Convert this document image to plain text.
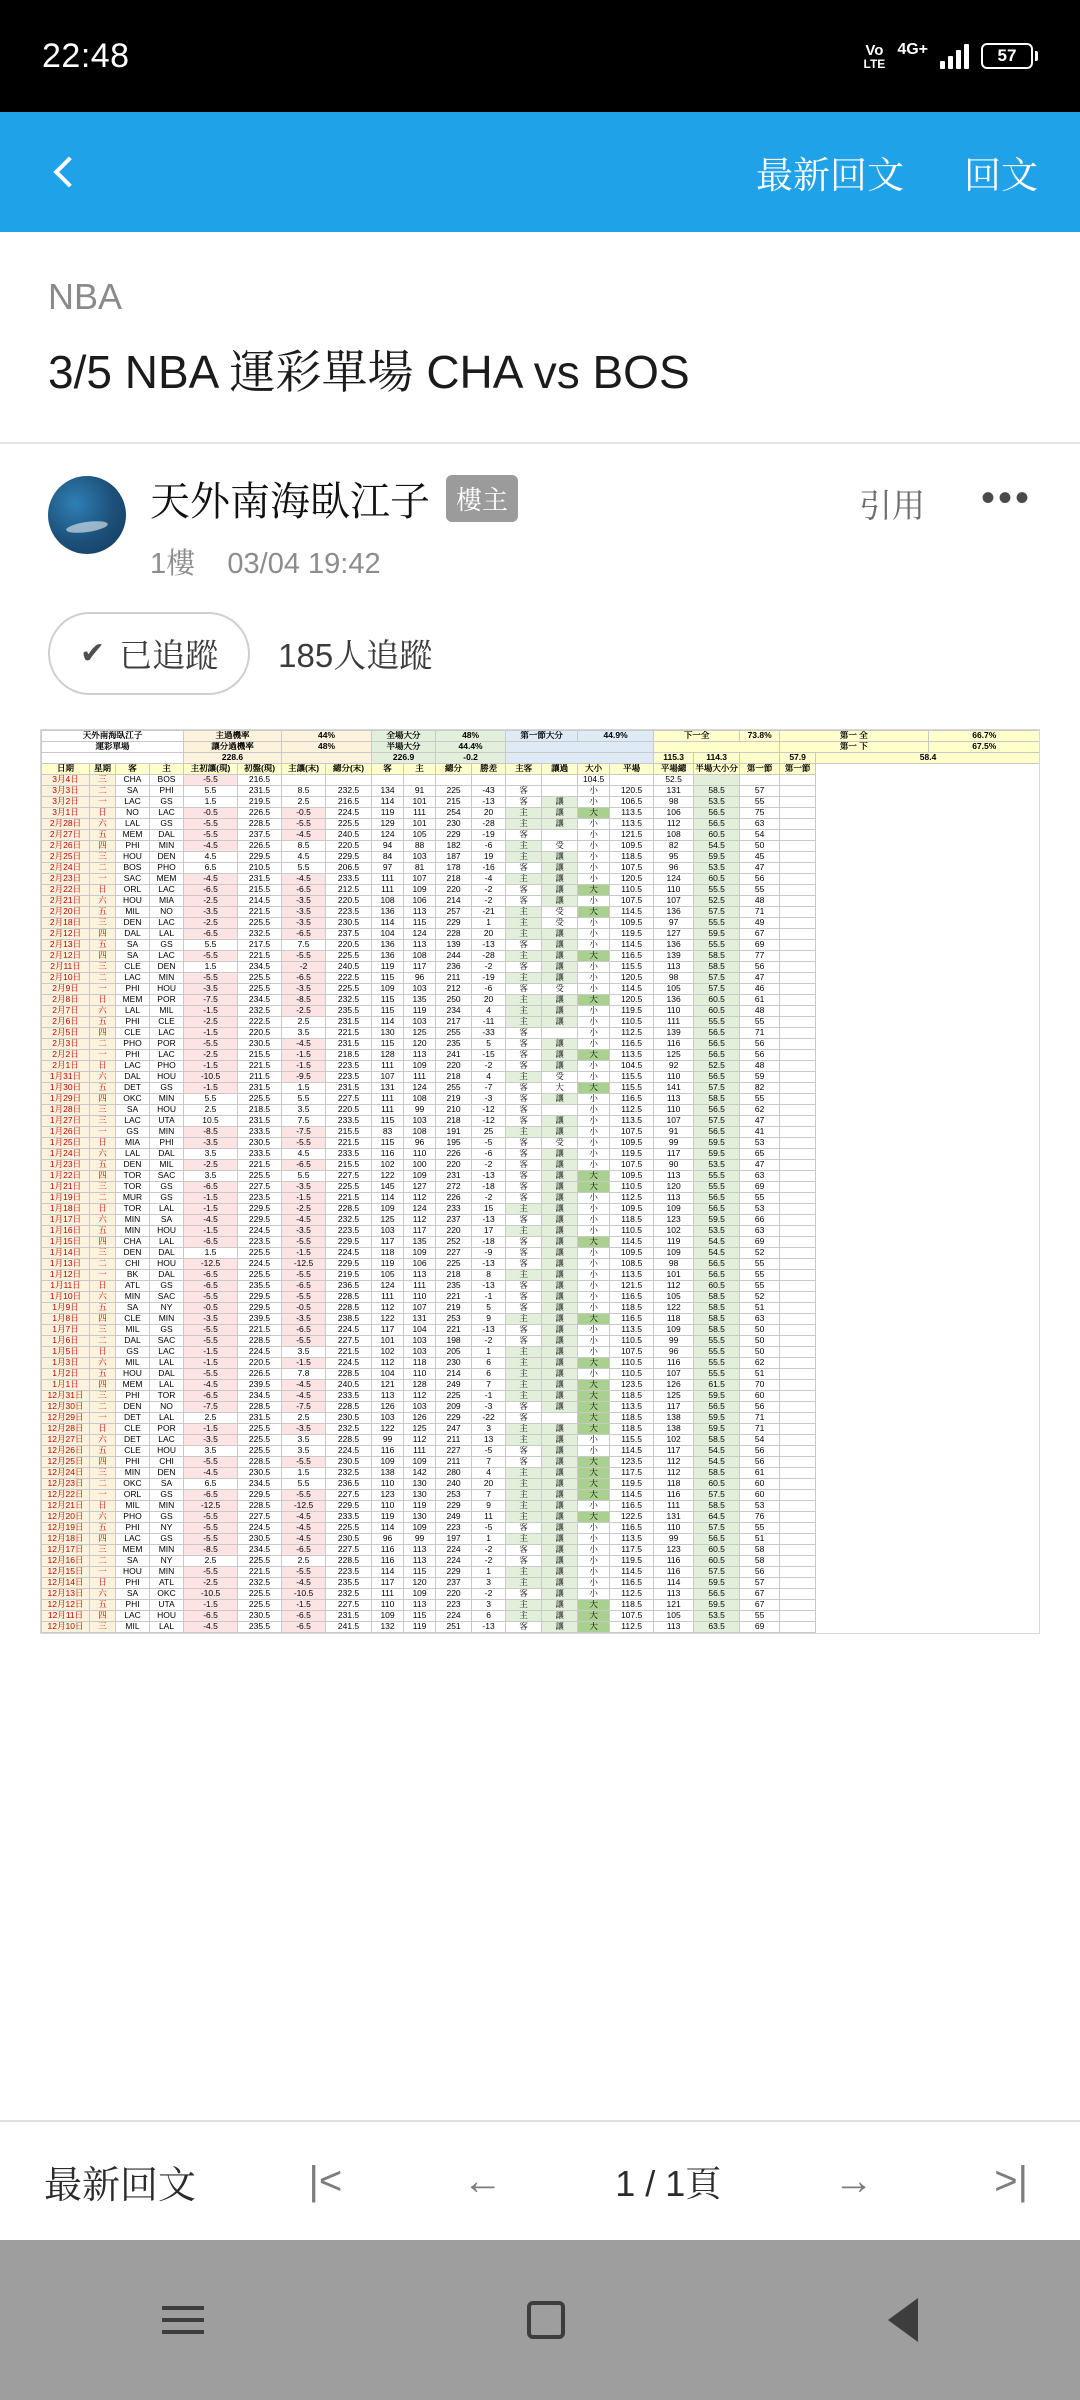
22:48	Vo
LTE
4G+	57
最新回文	回文
NBA
3/5 NBA 運彩單場 CHA vs BOS
天外南海臥江子	樓主
1樓 03/04 19:42
引用 •••
✔ 已追蹤 185人追蹤
天外南海臥江子				主過機率		44%		全場大分		48%		第一節大分		44.9%		下一全		73.8%	第一 全		66.7%
運彩單場				讓分過機率		48%		半場大分		44.4%									第一 下		67.5%
				228.6				226.9		-0.2						115.3	114.3		57.9	58.4	
日期	星期	客	主	主初讓(現)	初盤(現)	主讓(末)	總分(末)	客	主	總分	勝差	主客	讓過	大小	平場	平場總	半場大小分	第一節	第一節		
3月4日	三	CHA	BOS	-5.5	216.5									104.5		52.5					
3月3日	二	SA	PHI	5.5	231.5	8.5	232.5	134	91	225	-43	客		小	120.5	131	58.5	57			
3月2日	一	LAC	GS	1.5	219.5	2.5	216.5	114	101	215	-13	客	讓	小	106.5	98	53.5	55			
3月1日	日	NO	LAC	-0.5	226.5	-0.5	224.5	119	111	254	20	主	讓	大	113.5	106	56.5	75			
2月28日	六	LAL	GS	-5.5	228.5	-5.5	225.5	129	101	230	-28	主	讓	小	113.5	112	56.5	63			
2月27日	五	MEM	DAL	-5.5	237.5	-4.5	240.5	124	105	229	-19	客		小	121.5	108	60.5	54			
2月26日	四	PHI	MIN	-4.5	226.5	8.5	220.5	94	88	182	-6	主	受	小	109.5	82	54.5	50			
2月25日	三	HOU	DEN	4.5	229.5	4.5	229.5	84	103	187	19	主	讓	小	118.5	95	59.5	45			
2月24日	二	BOS	PHO	6.5	210.5	5.5	206.5	97	81	178	-16	客	讓	小	107.5	96	53.5	47			
2月23日	一	SAC	MEM	-4.5	231.5	-4.5	233.5	111	107	218	-4	主	讓	小	120.5	124	60.5	56			
2月22日	日	ORL	LAC	-6.5	215.5	-6.5	212.5	111	109	220	-2	客	讓	大	110.5	110	55.5	55			
2月21日	六	HOU	MIA	-2.5	214.5	-3.5	220.5	108	106	214	-2	客	讓	小	107.5	107	52.5	48			
2月20日	五	MIL	NO	-3.5	221.5	-3.5	223.5	136	113	257	-21	主	受	大	114.5	136	57.5	71			
2月18日	三	DEN	LAC	-2.5	225.5	-3.5	230.5	114	115	229	1	主	受	小	109.5	97	55.5	49			
2月12日	四	DAL	LAL	-6.5	232.5	-6.5	237.5	104	124	228	20	主	讓	小	119.5	127	59.5	67			
2月13日	五	SA	GS	5.5	217.5	7.5	220.5	136	113	139	-13	客	讓	小	114.5	136	55.5	69			
2月12日	四	SA	LAC	-5.5	221.5	-5.5	225.5	136	108	244	-28	主	讓	大	116.5	139	58.5	77			
2月11日	三	CLE	DEN	1.5	234.5	-2	240.5	119	117	236	-2	客	讓	小	115.5	113	58.5	56			
2月10日	二	LAC	MIN	-5.5	225.5	-6.5	222.5	115	96	211	-19	主	讓	小	120.5	98	57.5	47			
2月9日	一	PHI	HOU	-3.5	225.5	-3.5	225.5	109	103	212	-6	客	受	小	114.5	105	57.5	46			
2月8日	日	MEM	POR	-7.5	234.5	-8.5	232.5	115	135	250	20	主	讓	大	120.5	136	60.5	61			
2月7日	六	LAL	MIL	-1.5	232.5	-2.5	235.5	115	119	234	4	主	讓	小	119.5	110	60.5	48			
2月6日	五	PHI	CLE	-2.5	222.5	2.5	231.5	114	103	217	-11	主	讓	小	110.5	111	55.5	55			
2月5日	四	CLE	LAC	-1.5	220.5	3.5	221.5	130	125	255	-33	客		小	112.5	139	56.5	71			
2月3日	二	PHO	POR	-5.5	230.5	-4.5	231.5	115	120	235	5	客	讓	小	116.5	116	56.5	56			
2月2日	一	PHI	LAC	-2.5	215.5	-1.5	218.5	128	113	241	-15	客	讓	大	113.5	125	56.5	56			
2月1日	日	LAC	PHO	-1.5	221.5	-1.5	223.5	111	109	220	-2	客	讓	小	104.5	92	52.5	48			
1月31日	六	DAL	HOU	-10.5	211.5	-9.5	223.5	107	111	218	4	主	受	小	115.5	110	56.5	59			
1月30日	五	DET	GS	-1.5	231.5	1.5	231.5	131	124	255	-7	客	大	大	115.5	141	57.5	82			
1月29日	四	OKC	MIN	5.5	225.5	5.5	227.5	111	108	219	-3	客	讓	小	116.5	113	58.5	55			
1月28日	三	SA	HOU	2.5	218.5	3.5	220.5	111	99	210	-12	客		小	112.5	110	56.5	62			
1月27日	三	LAC	UTA	10.5	231.5	7.5	233.5	115	103	218	-12	客	讓	小	113.5	107	57.5	47			
1月26日	一	GS	MIN	-8.5	233.5	-7.5	215.5	83	108	191	25	主	讓	小	107.5	91	56.5	41			
1月25日	日	MIA	PHI	-3.5	230.5	-5.5	221.5	115	96	195	-5	客	受	小	109.5	99	59.5	53			
1月24日	六	LAL	DAL	3.5	233.5	4.5	233.5	116	110	226	-6	客	讓	小	119.5	117	59.5	65			
1月23日	五	DEN	MIL	-2.5	221.5	-6.5	215.5	102	100	220	-2	客	讓	小	107.5	90	53.5	47			
1月22日	四	TOR	SAC	3.5	225.5	5.5	227.5	122	109	231	-13	客	讓	大	109.5	113	55.5	63			
1月21日	三	TOR	GS	-6.5	227.5	-3.5	225.5	145	127	272	-18	客	讓	大	110.5	120	55.5	69			
1月19日	二	MUR	GS	-1.5	223.5	-1.5	221.5	114	112	226	-2	客	讓	小	112.5	113	56.5	55			
1月18日	日	TOR	LAL	-1.5	229.5	-2.5	228.5	109	124	233	15	主	讓	小	109.5	109	56.5	53			
1月17日	六	MIN	SA	-4.5	229.5	-4.5	232.5	125	112	237	-13	客	讓	小	118.5	123	59.5	66			
1月16日	五	MIN	HOU	-1.5	224.5	-3.5	223.5	103	117	220	17	主	讓	小	110.5	102	53.5	63			
1月15日	四	CHA	LAL	-6.5	223.5	-5.5	229.5	117	135	252	-18	客	讓	大	114.5	119	54.5	69			
1月14日	三	DEN	DAL	1.5	225.5	-1.5	224.5	118	109	227	-9	客	讓	小	109.5	109	54.5	52			
1月13日	二	CHI	HOU	-12.5	224.5	-12.5	229.5	119	106	225	-13	客	讓	小	108.5	98	56.5	55			
1月12日	一	BK	DAL	-6.5	225.5	-5.5	219.5	105	113	218	8	主	讓	小	113.5	101	56.5	55			
1月11日	日	ATL	GS	-6.5	235.5	-6.5	236.5	124	111	235	-13	客	讓	小	121.5	112	60.5	55			
1月10日	六	MIN	SAC	-5.5	229.5	-5.5	228.5	111	110	221	-1	客	讓	小	116.5	105	58.5	52			
1月9日	五	SA	NY	-0.5	229.5	-0.5	228.5	112	107	219	5	客	讓	小	118.5	122	58.5	51			
1月8日	四	CLE	MIN	-3.5	239.5	-3.5	238.5	122	131	253	9	主	讓	大	116.5	118	58.5	63			
1月7日	三	MIL	GS	-5.5	221.5	-6.5	224.5	117	104	221	-13	客	讓	小	113.5	109	58.5	50			
1月6日	二	DAL	SAC	-5.5	228.5	-5.5	227.5	101	103	198	-2	客	讓	小	110.5	99	55.5	50			
1月5日	日	GS	LAC	-1.5	224.5	3.5	221.5	102	103	205	1	主	讓	小	107.5	96	55.5	50			
1月3日	六	MIL	LAL	-1.5	220.5	-1.5	224.5	112	118	230	6	主	讓	大	110.5	116	55.5	62			
1月2日	五	HOU	DAL	-5.5	226.5	7.8	228.5	104	110	214	6	主	讓	小	110.5	107	55.5	51			
1月1日	四	MEM	LAL	-4.5	239.5	-4.5	240.5	121	128	249	7	主	讓	大	123.5	126	61.5	70			
12月31日	三	PHI	TOR	-6.5	234.5	-4.5	233.5	113	112	225	-1	主	讓	大	118.5	125	59.5	60			
12月30日	二	DEN	NO	-7.5	228.5	-7.5	228.5	126	103	209	-3	客	讓	大	113.5	117	56.5	56			
12月29日	一	DET	LAL	2.5	231.5	2.5	230.5	103	126	229	-22	客		大	118.5	138	59.5	71			
12月28日	日	CLE	POR	-1.5	225.5	-3.5	232.5	122	125	247	3	主	讓	大	118.5	138	59.5	71			
12月27日	六	DET	LAC	-3.5	225.5	3.5	228.5	99	112	211	13	主	讓	小	115.5	102	58.5	54			
12月26日	五	CLE	HOU	3.5	225.5	3.5	224.5	116	111	227	-5	客	讓	小	114.5	117	54.5	56			
12月25日	四	PHI	CHI	-5.5	228.5	-5.5	230.5	109	109	211	7	客	讓	大	123.5	112	54.5	56			
12月24日	三	MIN	DEN	-4.5	230.5	1.5	232.5	138	142	280	4	主	讓	大	117.5	112	58.5	61			
12月23日	二	OKC	SA	6.5	234.5	5.5	236.5	110	130	240	20	主	讓	大	119.5	118	60.5	60			
12月22日	一	ORL	GS	-6.5	229.5	-5.5	227.5	123	130	253	7	主	讓	大	114.5	116	57.5	60			
12月21日	日	MIL	MIN	-12.5	228.5	-12.5	229.5	110	119	229	9	主	讓	小	116.5	111	58.5	53			
12月20日	六	PHO	GS	-5.5	227.5	-4.5	233.5	119	130	249	11	主	讓	大	122.5	131	64.5	76			
12月19日	五	PHI	NY	-5.5	224.5	-4.5	225.5	114	109	223	-5	客	讓	小	116.5	110	57.5	55			
12月18日	四	LAC	GS	-5.5	230.5	-4.5	230.5	96	99	197	1	主	讓	小	113.5	99	56.5	51			
12月17日	三	MEM	MIN	-8.5	234.5	-6.5	227.5	116	113	224	-2	客	讓	小	117.5	123	60.5	58			
12月16日	二	SA	NY	2.5	225.5	2.5	228.5	116	113	224	-2	客	讓	小	119.5	116	60.5	58			
12月15日	一	HOU	MIN	-5.5	221.5	-5.5	223.5	114	115	229	1	主	讓	小	114.5	116	57.5	56			
12月14日	日	PHI	ATL	-2.5	232.5	-4.5	235.5	117	120	237	3	主	讓	小	116.5	114	59.5	57			
12月13日	六	SA	OKC	-10.5	225.5	-10.5	232.5	111	109	220	-2	客	讓	小	112.5	113	56.5	67			
12月12日	五	PHI	UTA	-1.5	225.5	-1.5	227.5	110	113	223	3	主	讓	大	118.5	121	59.5	67			
12月11日	四	LAC	HOU	-6.5	230.5	-6.5	231.5	109	115	224	6	主	讓	大	107.5	105	53.5	55			
12月10日	三	MIL	LAL	-4.5	235.5	-6.5	241.5	132	119	251	-13	客	讓	大	112.5	113	63.5	69			
最新回文	|<	←	1 / 1頁	→	>|
